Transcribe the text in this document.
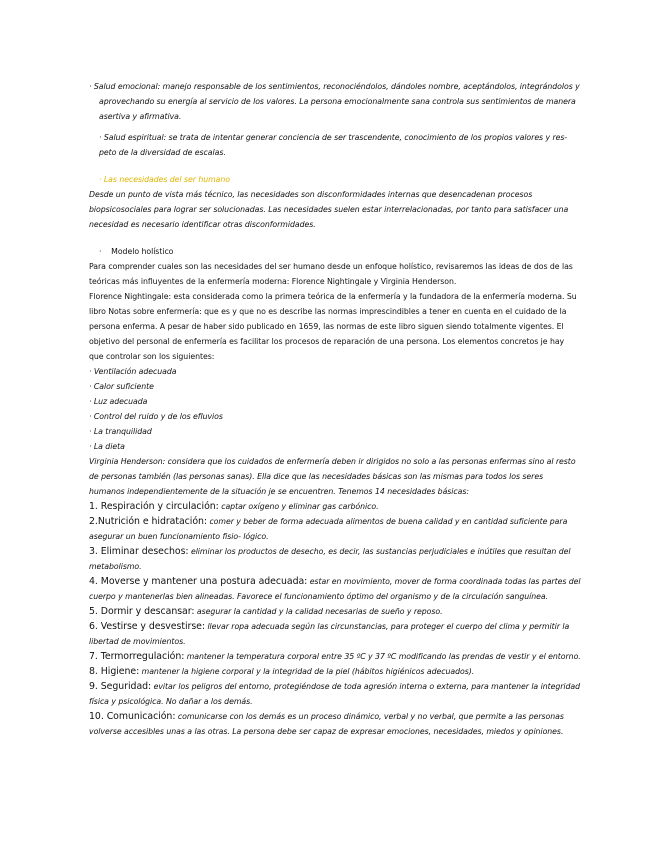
· Salud emocional: manejo responsable de los sentimientos, reconociéndolos, dándoles nombre, aceptándolos, integrándolos y aprovechando su energía al servicio de los valores. La persona emocionalmente sana controla sus sentimientos de manera asertiva y afirmativa.

· Salud espiritual: se trata de intentar generar conciencia de ser trascendente, conocimiento de los propios valores y res- peto de la diversidad de escalas.

· Las necesidades del ser humano

Desde un punto de vista más técnico, las necesidades son disconformidades internas que desencadenan procesos biopsicosociales para lograr ser solucionadas. Las necesidades suelen estar interrelacionadas, por tanto para satisfacer una necesidad es necesario identificar otras disconformidades.

·    Modelo holístico

Para comprender cuales son las necesidades del ser humano desde un enfoque holístico, revisaremos las ideas de dos de las teóricas más influyentes de la enfermería moderna: Florence Nightingale y Virginia Henderson.

Florence Nightingale: esta considerada como la primera teórica de la enfermería y la fundadora de la enfermería moderna. Su libro Notas sobre enfermería: que es y que no es describe las normas imprescindibles a tener en cuenta en el cuidado de la persona enferma. A pesar de haber sido publicado en 1659, las normas de este libro siguen siendo totalmente vigentes. El objetivo del personal de enfermería es facilitar los procesos de reparación de una persona. Los elementos concretos je hay que controlar son los siguientes:

· Ventilación adecuada

· Calor suficiente

· Luz adecuada

· Control del ruido y de los efluvios

· La tranquilidad

· La dieta

Virginia Henderson: considera que los cuidados de enfermería deben ir dirigidos no solo a las personas enfermas sino al resto de personas también (las personas sanas). Ella dice que las necesidades básicas son las mismas para todos los seres humanos independientemente de la situación je se encuentren. Tenemos 14 necesidades básicas:

1. Respiración y circulación: captar oxígeno y eliminar gas carbónico.

2.Nutrición e hidratación: comer y beber de forma adecuada alimentos de buena calidad y en cantidad suficiente para asegurar un buen funcionamiento fisio- lógico.

3. Eliminar desechos: eliminar los productos de desecho, es decir, las sustancias perjudiciales e inútiles que resultan del metabolismo.

4. Moverse y mantener una postura adecuada: estar en movimiento, mover de forma coordinada todas las partes del cuerpo y mantenerlas bien alineadas. Favorece el funcionamiento óptimo del organismo y de la circulación sanguínea.

5. Dormir y descansar: asegurar la cantidad y la calidad necesarias de sueño y reposo.

6. Vestirse y desvestirse: llevar ropa adecuada según las circunstancias, para proteger el cuerpo del clima y permitir la libertad de movimientos.

7. Termorregulación: mantener la temperatura corporal entre 35 ºC y 37 ºC modificando las prendas de vestir y el entorno.

8. Higiene: mantener la higiene corporal y la integridad de la piel (hábitos higiénicos adecuados).

9. Seguridad: evitar los peligros del entorno, protegiéndose de toda agresión interna o externa, para mantener la integridad física y psicológica. No dañar a los demás.

10. Comunicación: comunicarse con los demás es un proceso dinámico, verbal y no verbal, que permite a las personas volverse accesibles unas a las otras. La persona debe ser capaz de expresar emociones, necesidades, miedos y opiniones.
